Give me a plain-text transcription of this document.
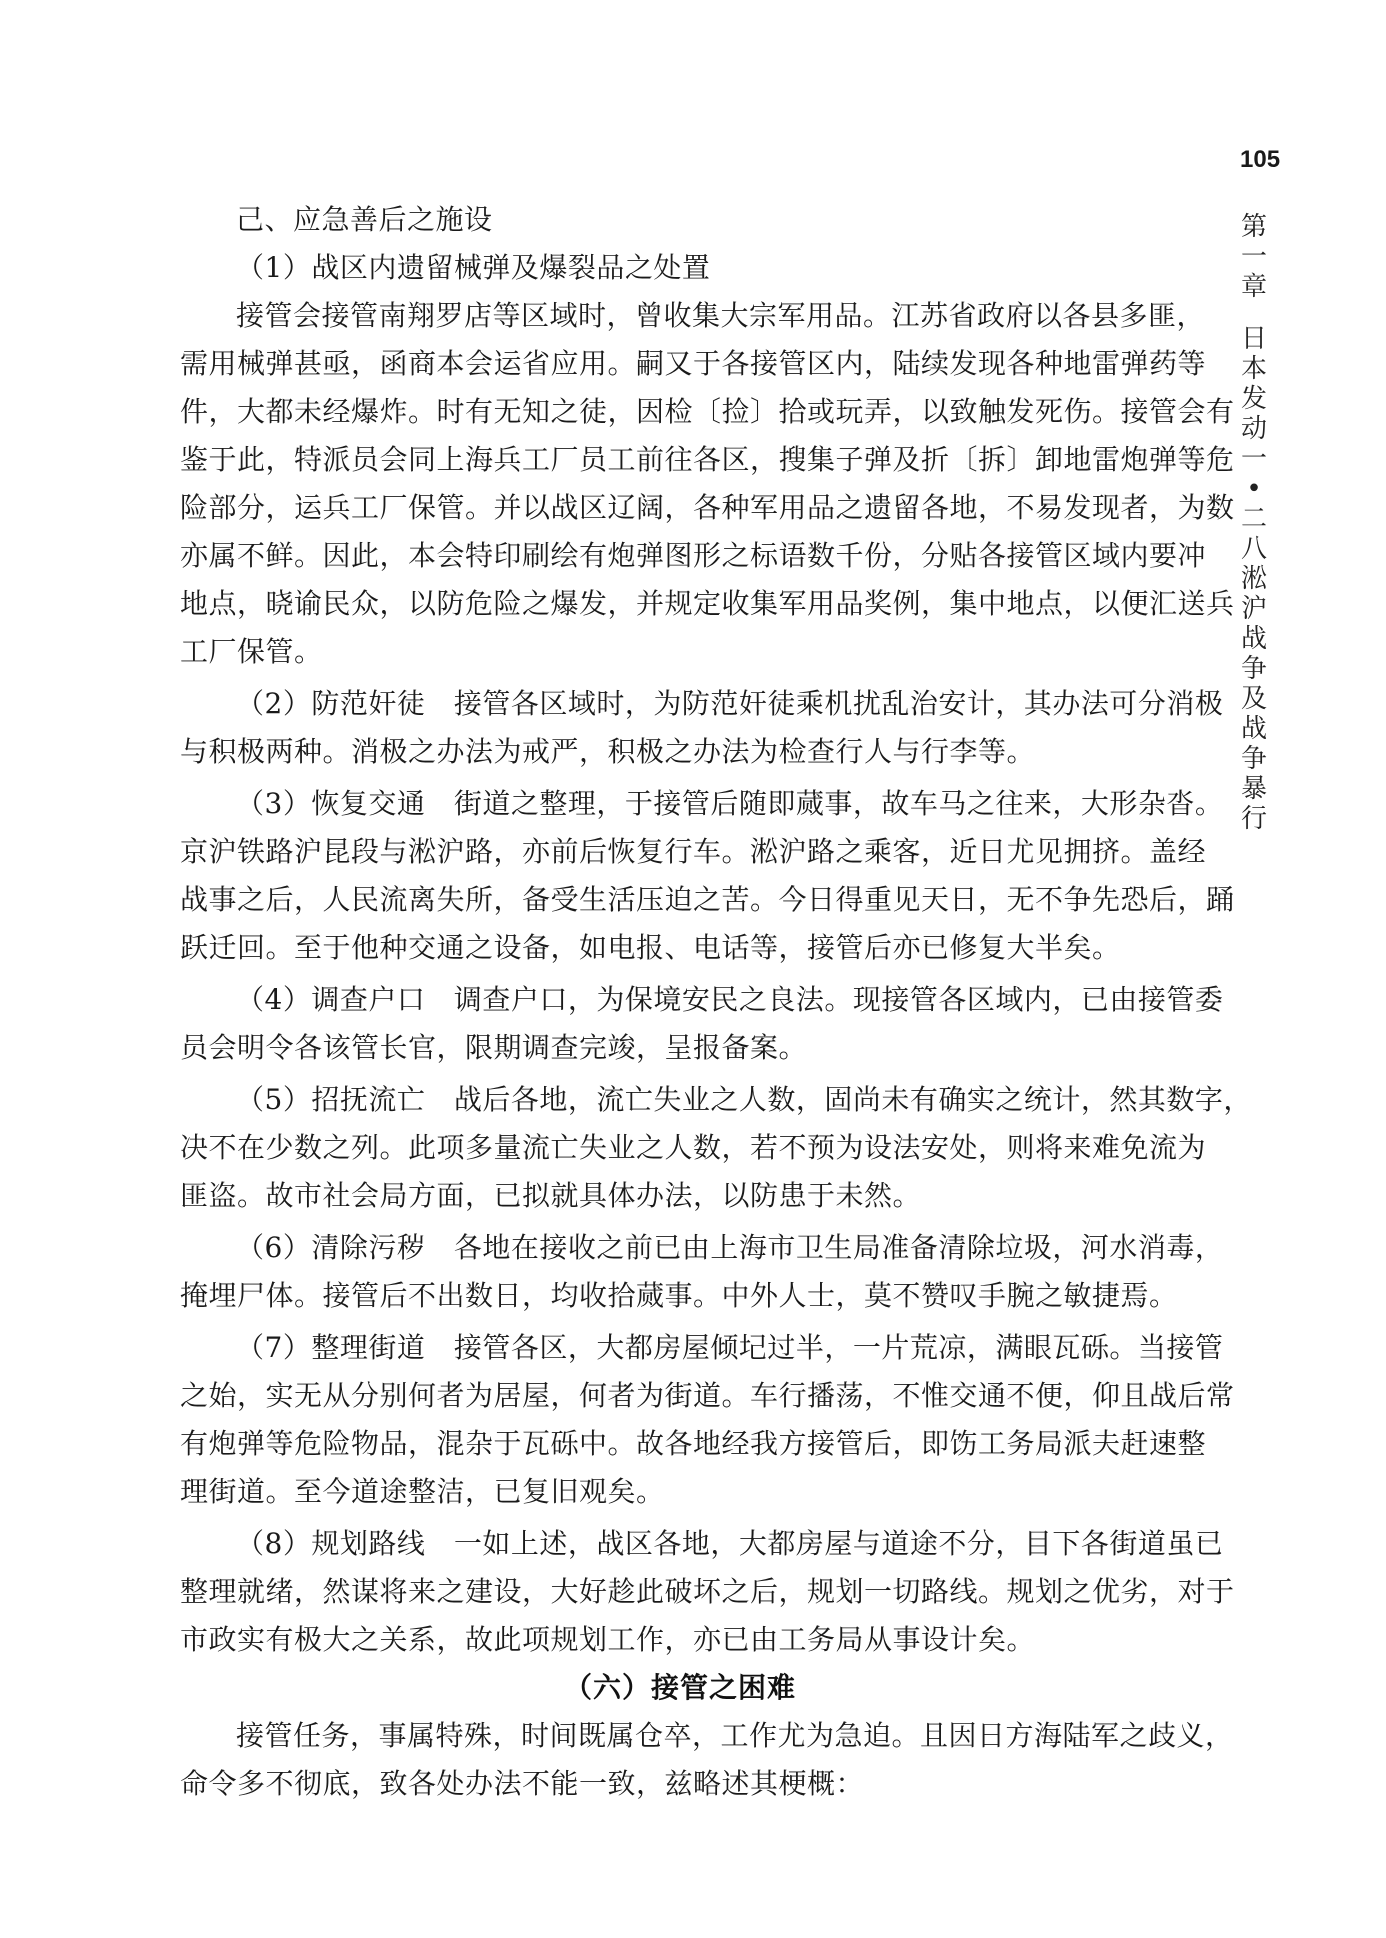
105
第
一
章
日
本
发
动
一
•
二
八
淞
沪
战
争
及
战
争
暴
行
己、应急善后之施设
（1）战区内遗留械弹及爆裂品之处置
接管会接管南翔罗店等区域时，曾收集大宗军用品。江苏省政府以各县多匪，
需用械弹甚亟，函商本会运省应用。嗣又于各接管区内，陆续发现各种地雷弹药等
件，大都未经爆炸。时有无知之徒，因检〔捡〕拾或玩弄，以致触发死伤。接管会有
鉴于此，特派员会同上海兵工厂员工前往各区，搜集子弹及折〔拆〕卸地雷炮弹等危
险部分，运兵工厂保管。并以战区辽阔，各种军用品之遗留各地，不易发现者，为数
亦属不鲜。因此，本会特印刷绘有炮弹图形之标语数千份，分贴各接管区域内要冲
地点，晓谕民众，以防危险之爆发，并规定收集军用品奖例，集中地点，以便汇送兵
工厂保管。
（2）防范奸徒　接管各区域时，为防范奸徒乘机扰乱治安计，其办法可分消极
与积极两种。消极之办法为戒严，积极之办法为检查行人与行李等。
（3）恢复交通　街道之整理，于接管后随即蒇事，故车马之往来，大形杂沓。
京沪铁路沪昆段与淞沪路，亦前后恢复行车。淞沪路之乘客，近日尤见拥挤。盖经
战事之后，人民流离失所，备受生活压迫之苦。今日得重见天日，无不争先恐后，踊
跃迁回。至于他种交通之设备，如电报、电话等，接管后亦已修复大半矣。
（4）调查户口　调查户口，为保境安民之良法。现接管各区域内，已由接管委
员会明令各该管长官，限期调查完竣，呈报备案。
（5）招抚流亡　战后各地，流亡失业之人数，固尚未有确实之统计，然其数字，
决不在少数之列。此项多量流亡失业之人数，若不预为设法安处，则将来难免流为
匪盗。故市社会局方面，已拟就具体办法，以防患于未然。
（6）清除污秽　各地在接收之前已由上海市卫生局准备清除垃圾，河水消毒，
掩埋尸体。接管后不出数日，均收拾蒇事。中外人士，莫不赞叹手腕之敏捷焉。
（7）整理街道　接管各区，大都房屋倾圮过半，一片荒凉，满眼瓦砾。当接管
之始，实无从分别何者为居屋，何者为街道。车行播荡，不惟交通不便，仰且战后常
有炮弹等危险物品，混杂于瓦砾中。故各地经我方接管后，即饬工务局派夫赶速整
理街道。至今道途整洁，已复旧观矣。
（8）规划路线　一如上述，战区各地，大都房屋与道途不分，目下各街道虽已
整理就绪，然谋将来之建设，大好趁此破坏之后，规划一切路线。规划之优劣，对于
市政实有极大之关系，故此项规划工作，亦已由工务局从事设计矣。
（六）接管之困难
接管任务，事属特殊，时间既属仓卒，工作尤为急迫。且因日方海陆军之歧义，
命令多不彻底，致各处办法不能一致，兹略述其梗概：
